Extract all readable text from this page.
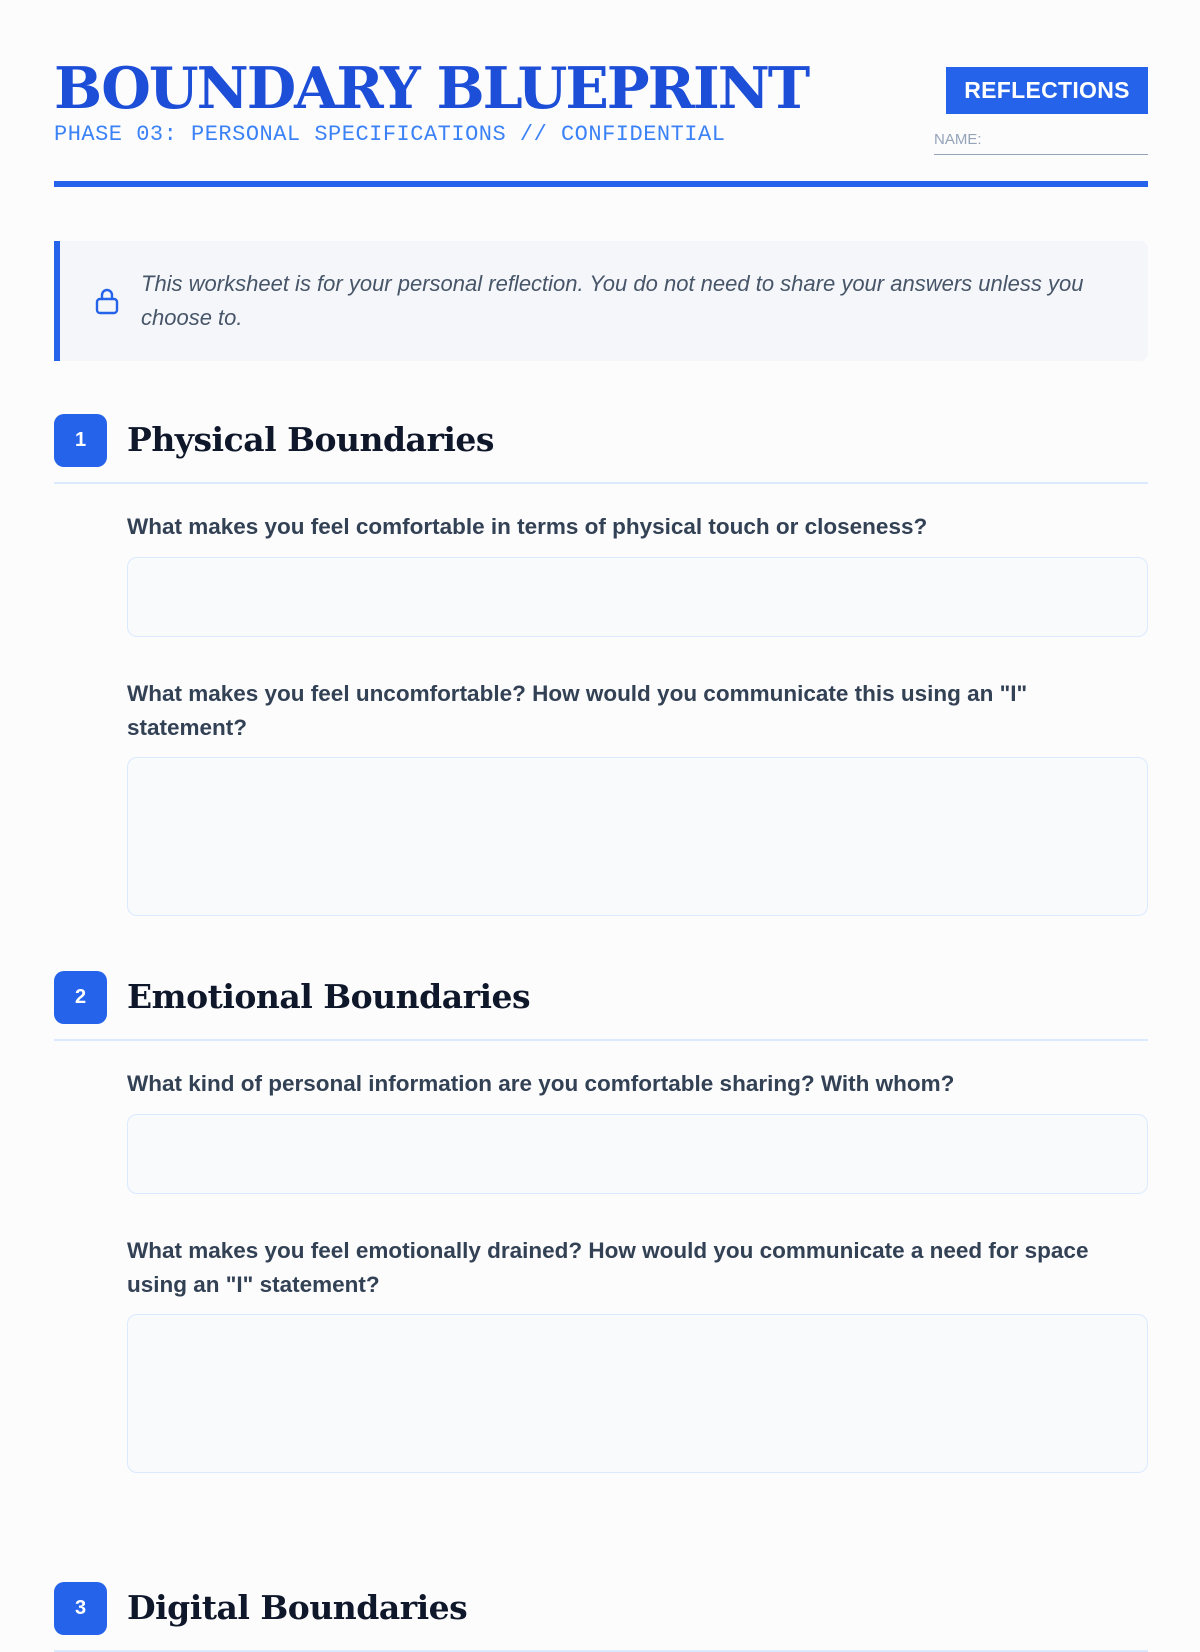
BOUNDARY BLUEPRINT
PHASE 03: PERSONAL SPECIFICATIONS // CONFIDENTIAL
REFLECTIONS
NAME:
This worksheet is for your personal reflection. You do not need to share your answers unless you choose to.
1	Physical Boundaries
What makes you feel comfortable in terms of physical touch or closeness?
What makes you feel uncomfortable? How would you communicate this using an "I" statement?
2	Emotional Boundaries
What kind of personal information are you comfortable sharing? With whom?
What makes you feel emotionally drained? How would you communicate a need for space using an "I" statement?
3	Digital Boundaries
